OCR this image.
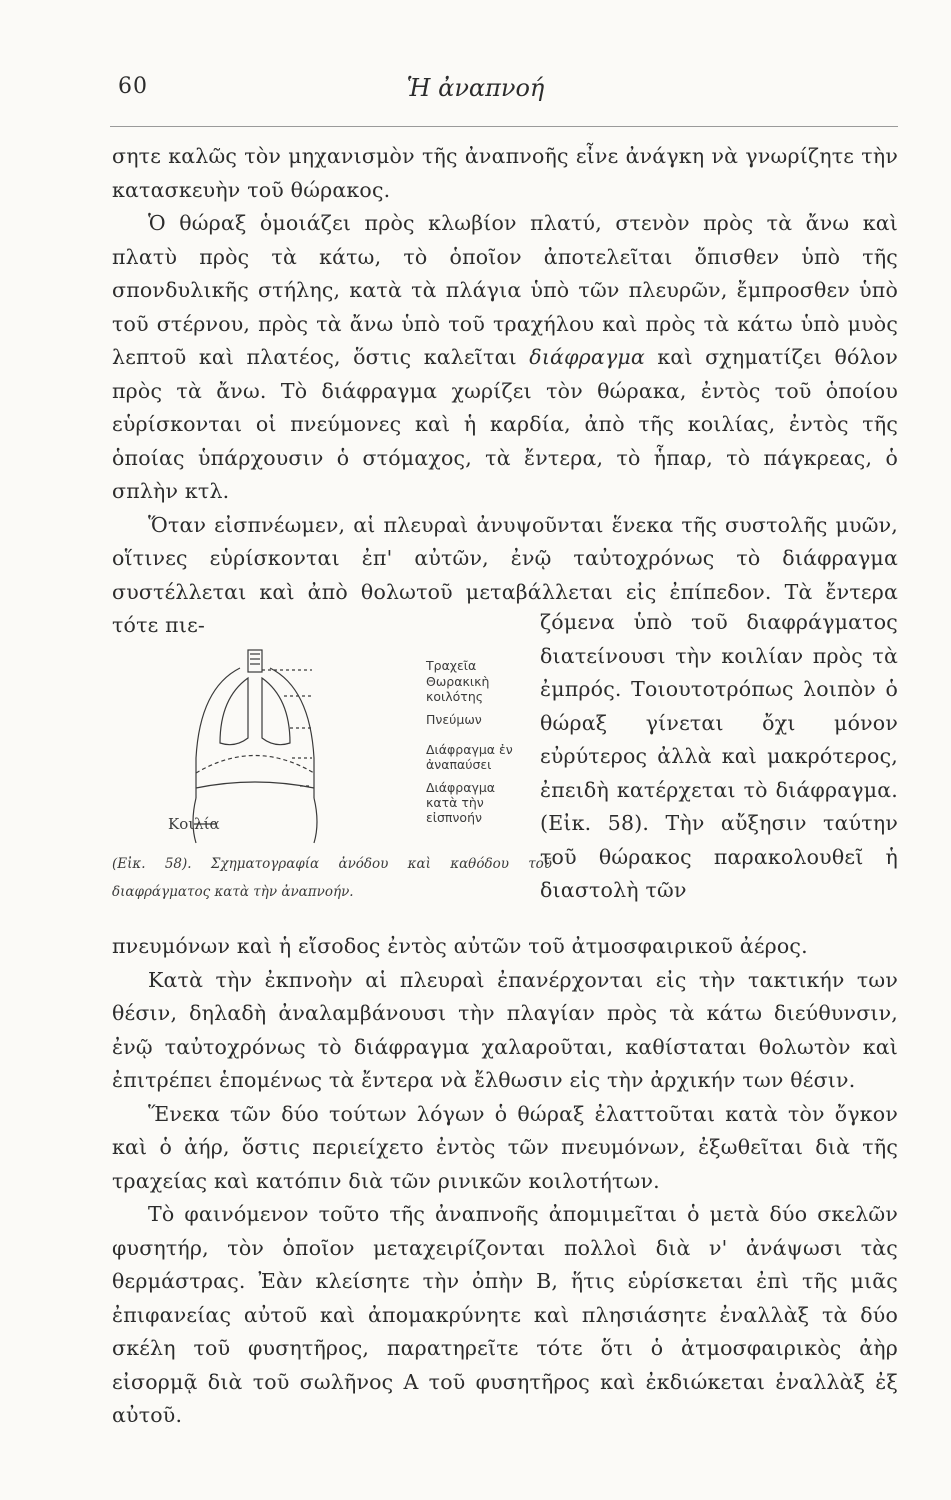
60	Ἡ ἀναπνοή

σητε καλῶς τὸν μηχανισμὸν τῆς ἀναπνοῆς εἶνε ἀνάγκη νὰ γνωρίζητε τὴν κατασκευὴν τοῦ θώρακος.

Ὁ θώραξ ὁμοιάζει πρὸς κλωβίον πλατύ, στενὸν πρὸς τὰ ἄνω καὶ πλατὺ πρὸς τὰ κάτω, τὸ ὁποῖον ἀποτελεῖται ὄπισθεν ὑπὸ τῆς σπονδυλικῆς στήλης, κατὰ τὰ πλάγια ὑπὸ τῶν πλευρῶν, ἔμπροσθεν ὑπὸ τοῦ στέρνου, πρὸς τὰ ἄνω ὑπὸ τοῦ τραχήλου καὶ πρὸς τὰ κάτω ὑπὸ μυὸς λεπτοῦ καὶ πλατέος, ὅστις καλεῖται διάφραγμα καὶ σχηματίζει θόλον πρὸς τὰ ἄνω. Τὸ διάφραγμα χωρίζει τὸν θώρακα, ἐντὸς τοῦ ὁποίου εὑρίσκονται οἱ πνεύμονες καὶ ἡ καρδία, ἀπὸ τῆς κοιλίας, ἐντὸς τῆς ὁποίας ὑπάρχουσιν ὁ στόμαχος, τὰ ἔντερα, τὸ ἧπαρ, τὸ πάγκρεας, ὁ σπλὴν κτλ.

Ὅταν εἰσπνέωμεν, αἱ πλευραὶ ἀνυψοῦνται ἕνεκα τῆς συστολῆς μυῶν, οἵτινες εὑρίσκονται ἐπ' αὐτῶν, ἐνῷ ταὐτοχρόνως τὸ διάφραγμα συστέλλεται καὶ ἀπὸ θολωτοῦ μεταβάλλεται εἰς ἐπίπεδον. Τὰ ἔντερα τότε πιε-	ζόμενα ὑπὸ τοῦ διαφράγματος διατείνουσι τὴν κοιλίαν πρὸς τὰ ἐμπρός. Τοιουτοτρόπως λοιπὸν ὁ θώραξ γίνεται ὄχι μόνον εὐρύτερος ἀλλὰ καὶ μακρότερος, ἐπειδὴ κατέρχεται τὸ διάφραγμα. (Εἰκ. 58). Τὴν αὔξησιν ταύτην τοῦ θώρακος παρακολουθεῖ ἡ διαστολὴ τῶν

Τραχεῖα
Θωρακικὴ κοιλότης
Πνεύμων
Διάφραγμα ἐν ἀναπαύσει
Διάφραγμα κατὰ τὴν εἰσπνοήν
Κοιλία
(Εἰκ. 58). Σχηματογραφία ἀνόδου καὶ καθόδου τοῦ διαφράγματος κατὰ τὴν ἀναπνοήν.

πνευμόνων καὶ ἡ εἴσοδος ἐντὸς αὐτῶν τοῦ ἀτμοσφαιρικοῦ ἀέρος.

Κατὰ τὴν ἐκπνοὴν αἱ πλευραὶ ἐπανέρχονται εἰς τὴν τακτικήν των θέσιν, δηλαδὴ ἀναλαμβάνουσι τὴν πλαγίαν πρὸς τὰ κάτω διεύθυνσιν, ἐνῷ ταὐτοχρόνως τὸ διάφραγμα χαλαροῦται, καθίσταται θολωτὸν καὶ ἐπιτρέπει ἑπομένως τὰ ἔντερα νὰ ἔλθωσιν εἰς τὴν ἀρχικήν των θέσιν.

Ἕνεκα τῶν δύο τούτων λόγων ὁ θώραξ ἐλαττοῦται κατὰ τὸν ὄγκον καὶ ὁ ἀήρ, ὅστις περιείχετο ἐντὸς τῶν πνευμόνων, ἐξωθεῖται διὰ τῆς τραχείας καὶ κατόπιν διὰ τῶν ρινικῶν κοιλοτήτων.

Τὸ φαινόμενον τοῦτο τῆς ἀναπνοῆς ἀπομιμεῖται ὁ μετὰ δύο σκελῶν φυσητήρ, τὸν ὁποῖον μεταχειρίζονται πολλοὶ διὰ ν' ἀνάψωσι τὰς θερμάστρας. Ἐὰν κλείσητε τὴν ὀπὴν Β, ἥτις εὑρίσκεται ἐπὶ τῆς μιᾶς ἐπιφανείας αὐτοῦ καὶ ἀπομακρύνητε καὶ πλησιάσητε ἐναλλὰξ τὰ δύο σκέλη τοῦ φυσητῆρος, παρατηρεῖτε τότε ὅτι ὁ ἀτμοσφαιρικὸς ἀὴρ εἰσορμᾷ διὰ τοῦ σωλῆνος Α τοῦ φυσητῆρος καὶ ἐκδιώκεται ἐναλλὰξ ἐξ αὐτοῦ.
